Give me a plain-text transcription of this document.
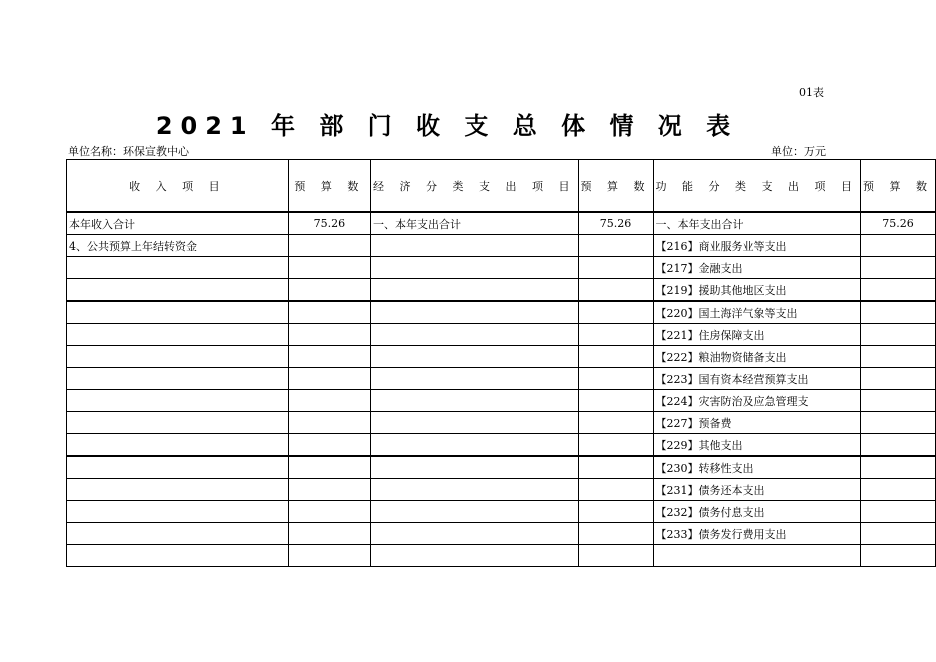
01表
2021 年 部 门 收 支 总 体 情 况 表
单位名称：环保宣教中心	单位：万元
收 入 项 目	预 算 数	经 济 分 类 支 出 项 目	预 算 数	功 能 分 类 支 出 项 目	预 算 数
本年收入合计	75.26	一、本年支出合计	75.26	一、本年支出合计	75.26
4、公共预算上年结转资金				【216】商业服务业等支出	
				【217】金融支出	
				【219】援助其他地区支出	
				【220】国土海洋气象等支出	
				【221】住房保障支出	
				【222】粮油物资储备支出	
				【223】国有资本经营预算支出	
				【224】灾害防治及应急管理支	
				【227】预备费	
				【229】其他支出	
				【230】转移性支出	
				【231】债务还本支出	
				【232】债务付息支出	
				【233】债务发行费用支出	
